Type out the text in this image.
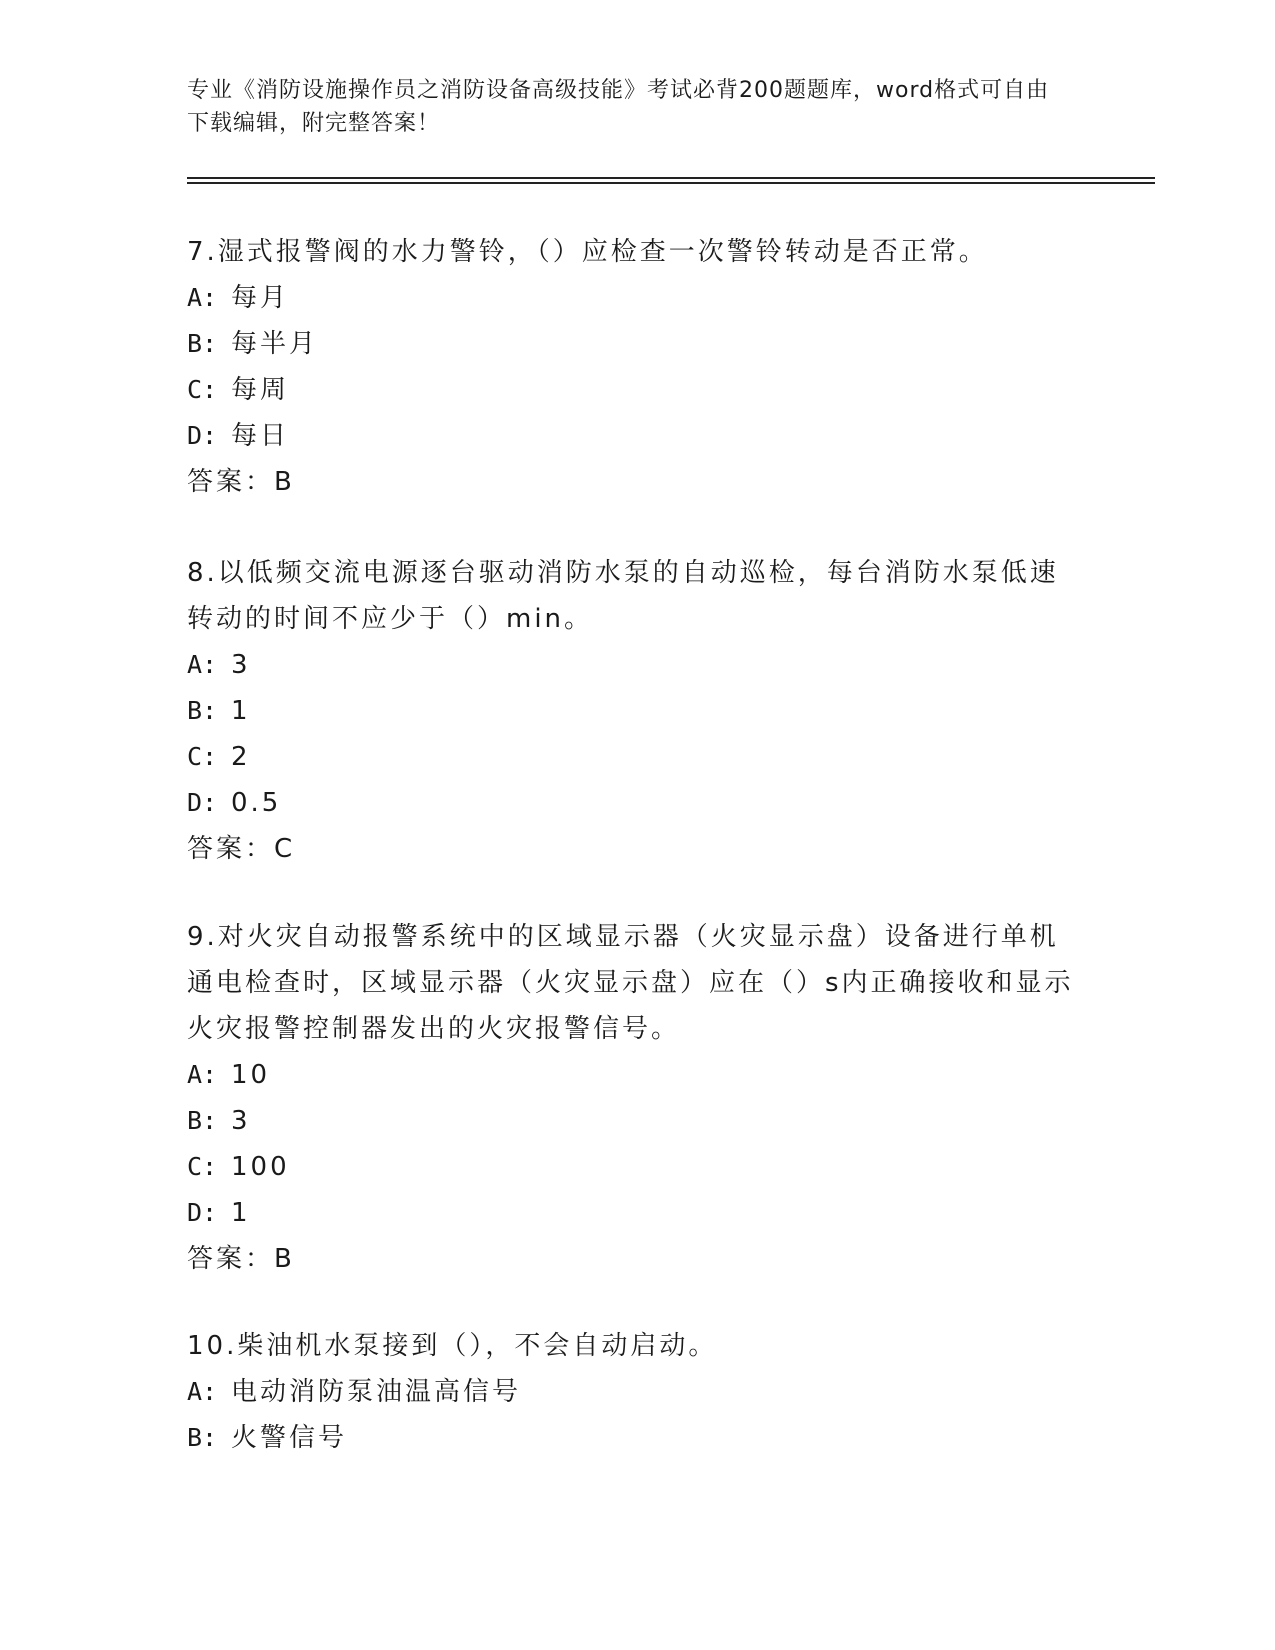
专业《消防设施操作员之消防设备高级技能》考试必背200题题库，word格式可自由下载编辑，附完整答案！
7.湿式报警阀的水力警铃，（）应检查一次警铃转动是否正常。
A: 每月
B: 每半月
C: 每周
D: 每日
答案：B
8.以低频交流电源逐台驱动消防水泵的自动巡检，每台消防水泵低速转动的时间不应少于（）min。
A: 3
B: 1
C: 2
D: 0.5
答案：C
9.对火灾自动报警系统中的区域显示器（火灾显示盘）设备进行单机通电检查时，区域显示器（火灾显示盘）应在（）s内正确接收和显示火灾报警控制器发出的火灾报警信号。
A: 10
B: 3
C: 100
D: 1
答案：B
10.柴油机水泵接到（），不会自动启动。
A: 电动消防泵油温高信号
B: 火警信号
